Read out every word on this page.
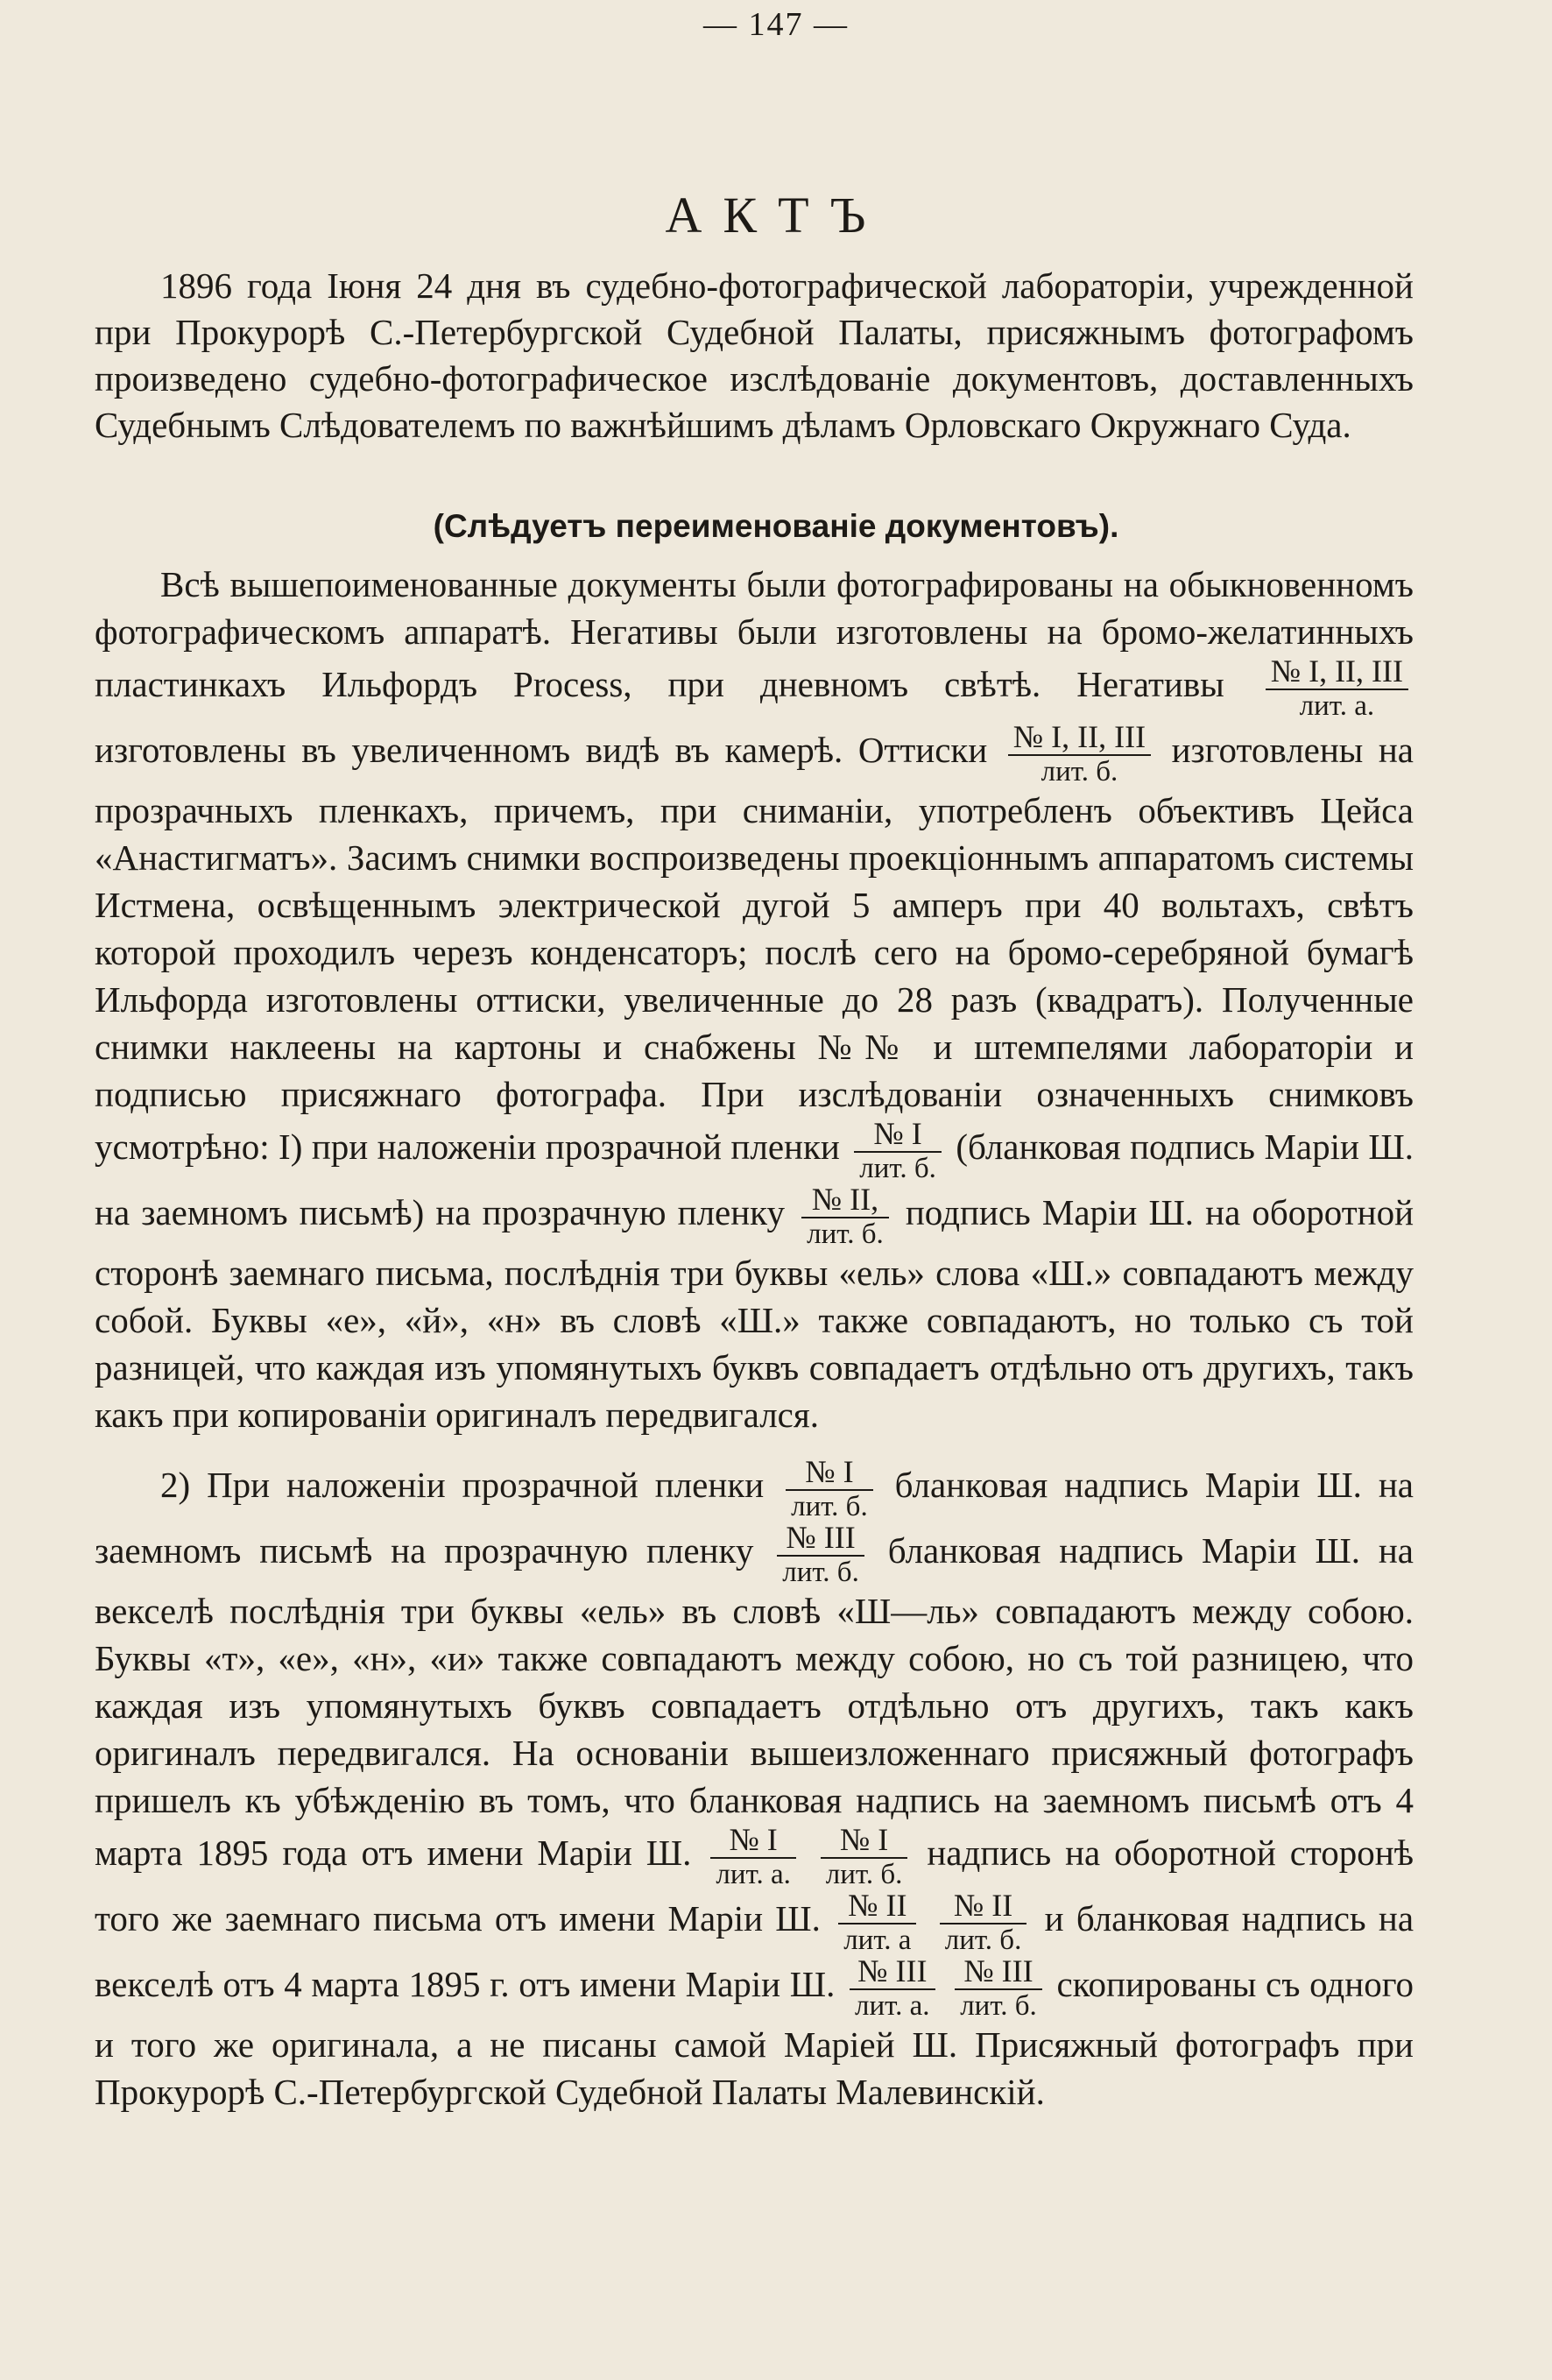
— 147 —
АКТЪ
1896 года Іюня 24 дня въ судебно-фотографической лабораторіи, учрежденной при Прокурорѣ С.-Петербургской Судебной Палаты, присяжнымъ фотографомъ произведено судебно-фотографическое изслѣдованіе документовъ, доставленныхъ Судебнымъ Слѣдователемъ по важнѣйшимъ дѣламъ Орловскаго Окружнаго Суда.
(Слѣдуетъ переименованіе документовъ).
Всѣ вышепоименованные документы были фотографированы на обыкновенномъ фотографическомъ аппаратѣ. Негативы были изготовлены на бромо-желатинныхъ пластинкахъ Ильфордъ Process, при дневномъ свѣтѣ. Негативы $\frac{\text{№ I, II, III}}{\text{лит. а.}}$
изготовлены въ увеличенномъ видѣ въ камерѣ. Оттиски $\frac{\text{№ I, II, III}}{\text{лит. б.}}$ изготовлены на прозрачныхъ пленкахъ, причемъ, при сниманіи, употребленъ объективъ Цейса «Анастигматъ». Засимъ снимки воспроизведены проекціоннымъ аппаратомъ системы Истмена, освѣщеннымъ электрической дугой 5 амперъ при 40 вольтахъ, свѣтъ которой проходилъ черезъ конденсаторъ; послѣ сего на бромо-серебряной бумагѣ Ильфорда изготовлены оттиски, увеличенные до 28 разъ (квадратъ). Полученные снимки наклеены на картоны и снабжены №№ и штемпелями лабораторіи и подписью присяжнаго фотографа. При изслѣдованіи означенныхъ снимковъ усмотрѣно: І) при наложеніи прозрачной пленки $\frac{№ I}{\text{лит. б.}}$ (бланковая подпись Маріи Ш. на заемномъ письмѣ) на прозрачную пленку $\frac{№ II,}{\text{лит. б.}}$ подпись Маріи Ш. на оборотной сторонѣ заемнаго письма, послѣднія три буквы «ель» слова «Ш.» совпадаютъ между собой. Буквы «е», «й», «н» въ словѣ «Ш.» также совпадаютъ, но только съ той разницей, что каждая изъ упомянутыхъ буквъ совпадаетъ отдѣльно отъ другихъ, такъ какъ при копированіи оригиналъ передвигался.
2) При наложеніи прозрачной пленки $\frac{№ I}{\text{лит. б.}}$ бланковая надпись Маріи Ш. на заемномъ письмѣ на прозрачную пленку $\frac{\text{№ III}}{\text{лит. б.}}$ бланковая надпись Маріи Ш. на векселѣ послѣднія три буквы «ель» въ словѣ «Ш—ль» совпадаютъ между собою. Буквы «т», «е», «н», «и» также совпадаютъ между собою, но съ той разницею, что каждая изъ упомянутыхъ буквъ совпадаетъ отдѣльно отъ другихъ, такъ какъ оригиналъ передвигался. На основаніи вышеизложеннаго присяжный фотографъ пришелъ къ убѣжденію въ томъ, что бланковая надпись на заемномъ письмѣ отъ 4 марта 1895 года отъ имени Маріи Ш. $\frac{№ I}{\text{лит. а.}}$
$\frac{№ I}{\text{лит. б.}}$ надпись на оборотной сторонѣ того же заемнаго письма отъ имени Маріи Ш. $\frac{№ II}{\text{лит. а}}$
$\frac{№ II}{\text{лит. б.}}$ и бланковая надпись на векселѣ отъ 4 марта 1895 г. отъ имени Маріи Ш. $\frac{\text{№ III}}{\text{лит. а.}}$
$\frac{\text{№ III}}{\text{лит. б.}}$ скопированы съ одного и того же оригинала, а не писаны самой Маріей Ш. Присяжный фотографъ при Прокурорѣ С.-Петербургской Судебной Палаты Малевинскій.
